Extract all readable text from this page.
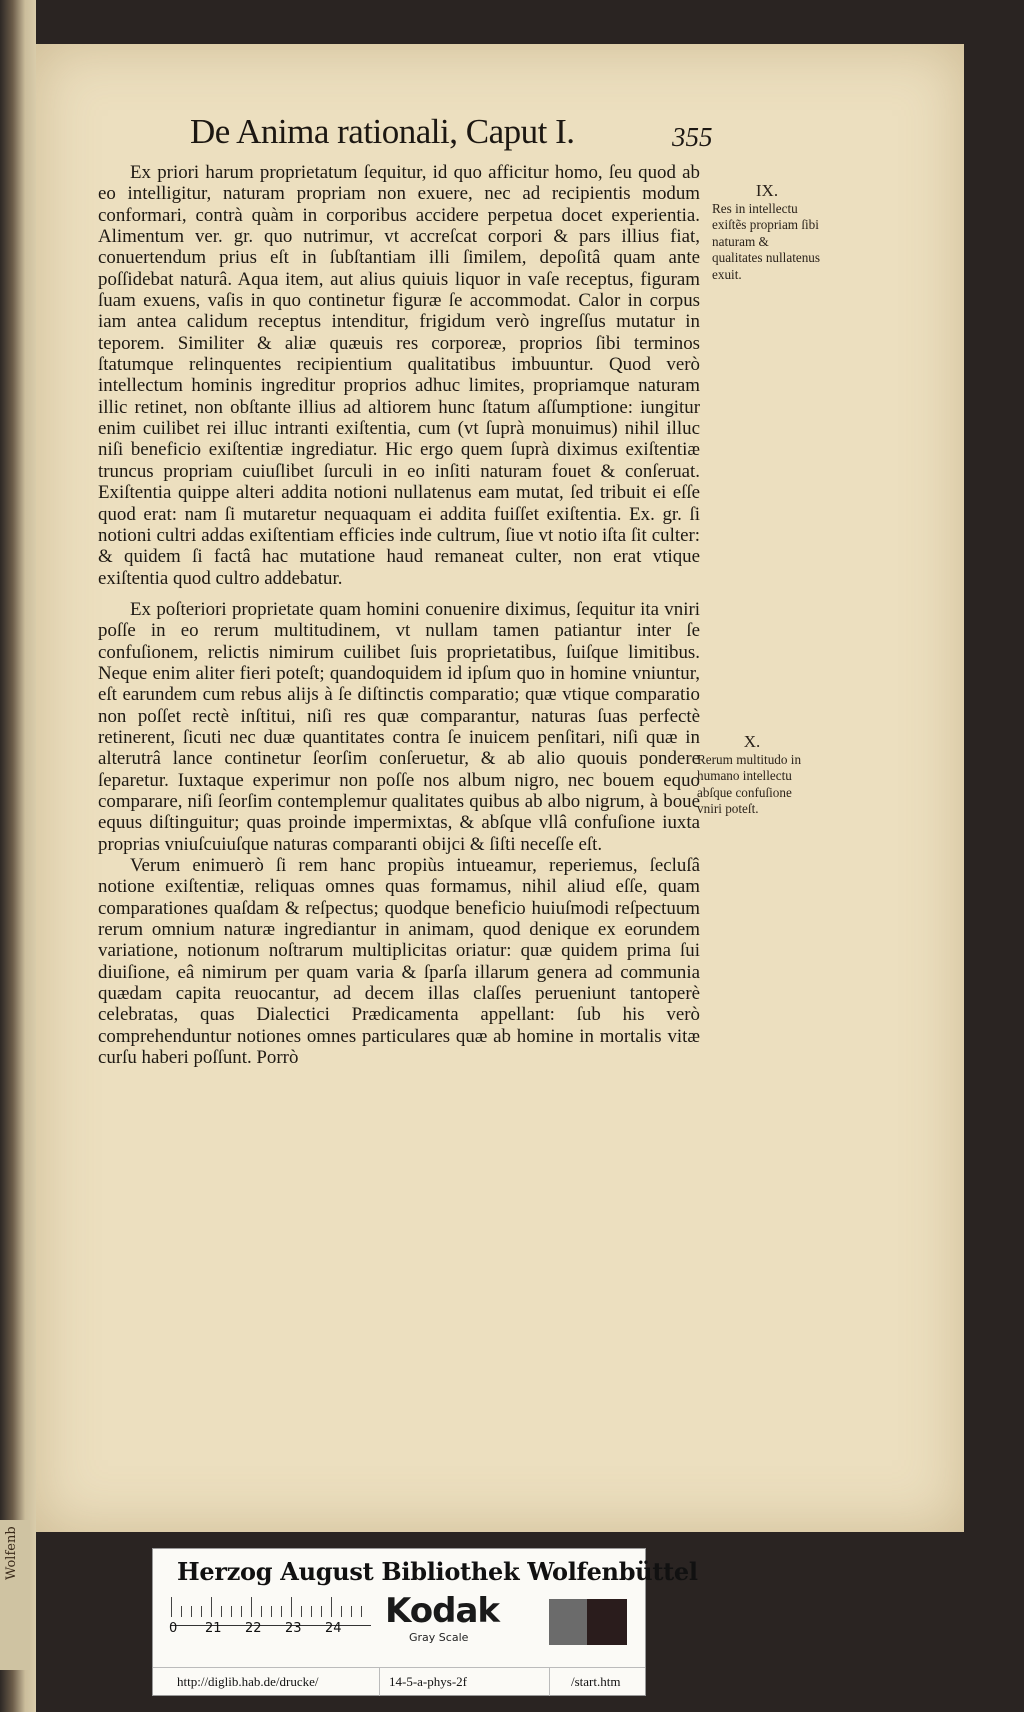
Wolfenb
De Anima rationali, Caput I.	355

Ex priori harum proprietatum ſequitur, id quo afficitur homo, ſeu quod ab eo intelligitur, naturam propriam non exuere, nec ad recipientis modum conformari, contrà quàm in corporibus accidere perpetua docet experientia. Alimentum ver. gr. quo nutrimur, vt accreſcat corpori & pars illius fiat, conuertendum prius eſt in ſubſtantiam illi ſimilem, depoſitâ quam ante poſſidebat naturâ. Aqua item, aut alius quiuis liquor in vaſe receptus, figuram ſuam exuens, vaſis in quo continetur figuræ ſe accommodat. Calor in corpus iam antea calidum receptus intenditur, frigidum verò ingreſſus mutatur in teporem. Similiter & aliæ quæuis res corporeæ, proprios ſibi terminos ſtatumque relinquentes recipientium qualitatibus imbuuntur. Quod verò intellectum hominis ingreditur proprios adhuc limites, propriamque naturam illic retinet, non obſtante illius ad altiorem hunc ſtatum aſſumptione: iungitur enim cuilibet rei illuc intranti exiſtentia, cum (vt ſuprà monuimus) nihil illuc niſi beneficio exiſtentiæ ingrediatur. Hic ergo quem ſuprà diximus exiſtentiæ truncus propriam cuiuſlibet ſurculi in eo inſiti naturam fouet & conſeruat. Exiſtentia quippe alteri addita notioni nullatenus eam mutat, ſed tribuit ei eſſe quod erat: nam ſi mutaretur nequaquam ei addita fuiſſet exiſtentia. Ex. gr. ſi notioni cultri addas exiſtentiam efficies inde cultrum, ſiue vt notio iſta ſit culter: & quidem ſi factâ hac mutatione haud remaneat culter, non erat vtique exiſtentia quod cultro addebatur.

Ex poſteriori proprietate quam homini conuenire diximus, ſequitur ita vniri poſſe in eo rerum multitudinem, vt nullam tamen patiantur inter ſe confuſionem, relictis nimirum cuilibet ſuis proprietatibus, ſuiſque limitibus. Neque enim aliter fieri poteſt; quandoquidem id ipſum quo in homine vniuntur, eſt earundem cum rebus alijs à ſe diſtinctis comparatio; quæ vtique comparatio non poſſet rectè inſtitui, niſi res quæ comparantur, naturas ſuas perfectè retinerent, ſicuti nec duæ quantitates contra ſe inuicem penſitari, niſi quæ in alterutrâ lance continetur ſeorſim conſeruetur, & ab alio quouis pondere ſeparetur. Iuxtaque experimur non poſſe nos album nigro, nec bouem equo comparare, niſi ſeorſim contemplemur qualitates quibus ab albo nigrum, à boue equus diſtinguitur; quas proinde impermixtas, & abſque vllâ confuſione iuxta proprias vniuſcuiuſque naturas comparanti obijci & ſiſti neceſſe eſt.

Verum enimuerò ſi rem hanc propiùs intueamur, reperiemus, ſecluſâ notione exiſtentiæ, reliquas omnes quas formamus, nihil aliud eſſe, quam comparationes quaſdam & reſpectus; quodque beneficio huiuſmodi reſpectuum rerum omnium naturæ ingrediantur in animam, quod denique ex eorundem variatione, notionum noſtrarum multiplicitas oriatur: quæ quidem prima ſui diuiſione, eâ nimirum per quam varia & ſparſa illarum genera ad communia quædam capita reuocantur, ad decem illas claſſes perueniunt tantoperè celebratas, quas Dialectici Prædicamenta appellant: ſub his verò comprehenduntur notiones omnes particulares quæ ab homine in mortalis vitæ curſu haberi poſſunt. Porrò

IX.
Res in intellectu exiſtẽs propriam ſibi naturam & qualitates nullatenus exuit.
X.
Rerum multitudo in humano intellectu abſque confuſione vniri poteſt.
Herzog August Bibliothek Wolfenbüttel
0 21 22 23 24 Kodak
Gray Scale
http://diglib.hab.de/drucke/	14-5-a-phys-2f	/start.htm
